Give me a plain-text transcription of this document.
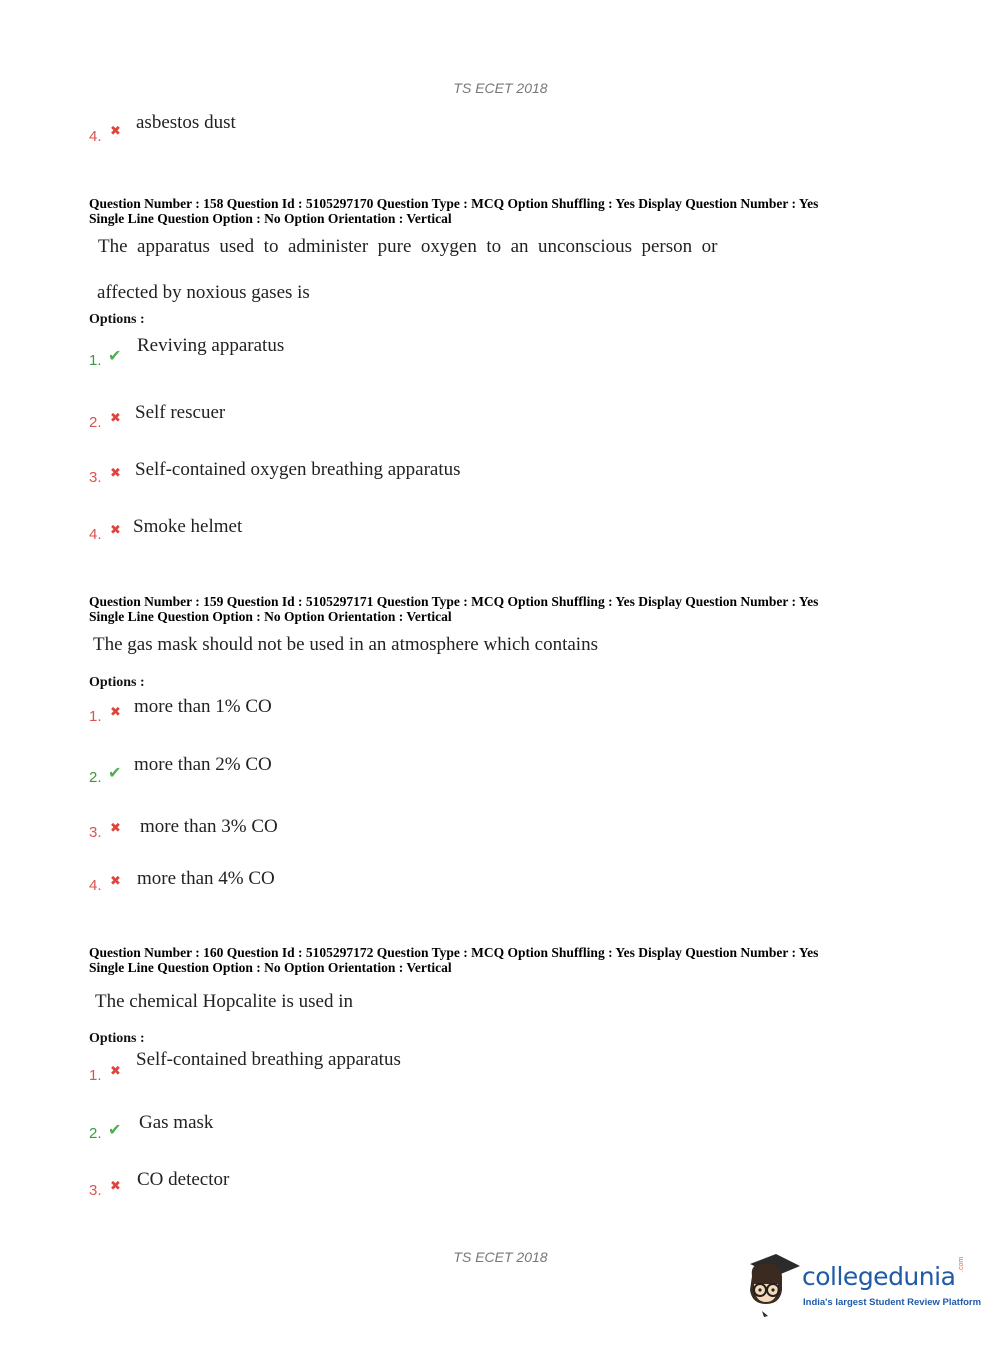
TS ECET 2018
4. ✖ asbestos dust
Question Number : 158 Question Id : 5105297170 Question Type : MCQ Option Shuffling : Yes Display Question Number : Yes
Single Line Question Option : No Option Orientation : Vertical
The  apparatus  used  to  administer  pure  oxygen  to  an  unconscious  person  or
affected by noxious gases is
Options :
1. ✔ Reviving apparatus
2. ✖ Self rescuer
3. ✖ Self-contained oxygen breathing apparatus
4. ✖ Smoke helmet
Question Number : 159 Question Id : 5105297171 Question Type : MCQ Option Shuffling : Yes Display Question Number : Yes
Single Line Question Option : No Option Orientation : Vertical
The gas mask should not be used in an atmosphere which contains
Options :
1. ✖ more than 1% CO
2. ✔ more than 2% CO
3. ✖ more than 3% CO
4. ✖ more than 4% CO
Question Number : 160 Question Id : 5105297172 Question Type : MCQ Option Shuffling : Yes Display Question Number : Yes
Single Line Question Option : No Option Orientation : Vertical
The chemical Hopcalite is used in
Options :
1. ✖
Self-contained breathing apparatus
2. ✔ Gas mask
3. ✖ CO detector
TS ECET 2018
collegedunia .com
India's largest Student Review Platform
